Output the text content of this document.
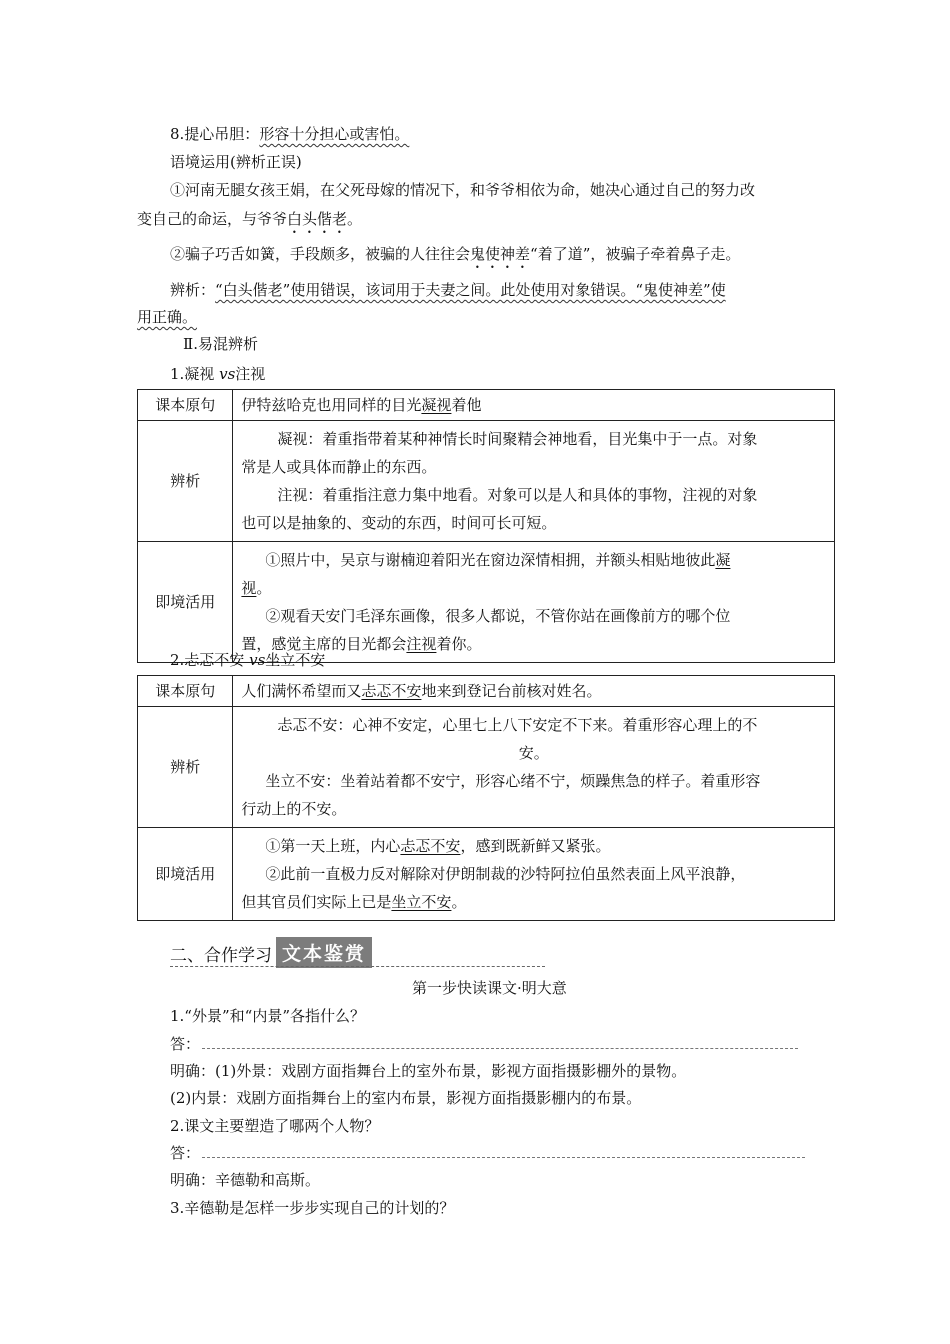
8.提心吊胆：形容十分担心或害怕。
语境运用(辨析正误)
①河南无腿女孩王娟，在父死母嫁的情况下，和爷爷相依为命，她决心通过自己的努力改
变自己的命运，与爷爷白头偕老。
②骗子巧舌如簧，手段颇多，被骗的人往往会鬼使神差“着了道”，被骗子牵着鼻子走。
辨析：“白头偕老”使用错误，该词用于夫妻之间。此处使用对象错误。“鬼使神差”使
用正确。
Ⅱ.易混辨析
1.凝视 vs注视
课本原句	伊特兹哈克也用同样的目光凝视着他
辨析	凝视：着重指带着某种神情长时间聚精会神地看，目光集中于一点。对象

常是人或具体而静止的东西。

注视：着重指注意力集中地看。对象可以是人和具体的事物，注视的对象

也可以是抽象的、变动的东西，时间可长可短。

即境活用	①照片中，吴京与谢楠迎着阳光在窗边深情相拥，并额头相贴地彼此凝

视。

②观看天安门毛泽东画像，很多人都说，不管你站在画像前方的哪个位

置，感觉主席的目光都会注视着你。

2.忐忑不安 vs坐立不安
课本原句	人们满怀希望而又忐忑不安地来到登记台前核对姓名。
辨析	忐忑不安：心神不安定，心里七上八下安定不下来。着重形容心理上的不

安。

坐立不安：坐着站着都不安宁，形容心绪不宁，烦躁焦急的样子。着重形容

行动上的不安。

即境活用	①第一天上班，内心忐忑不安，感到既新鲜又紧张。

②此前一直极力反对解除对伊朗制裁的沙特阿拉伯虽然表面上风平浪静，

但其官员们实际上已是坐立不安。

二、合作学习 文本鉴赏
第一步快读课文·明大意
1.“外景”和“内景”各指什么？
答：
明确：(1)外景：戏剧方面指舞台上的室外布景，影视方面指摄影棚外的景物。
(2)内景：戏剧方面指舞台上的室内布景，影视方面指摄影棚内的布景。
2.课文主要塑造了哪两个人物？
答：
明确：辛德勒和高斯。
3.辛德勒是怎样一步步实现自己的计划的？
